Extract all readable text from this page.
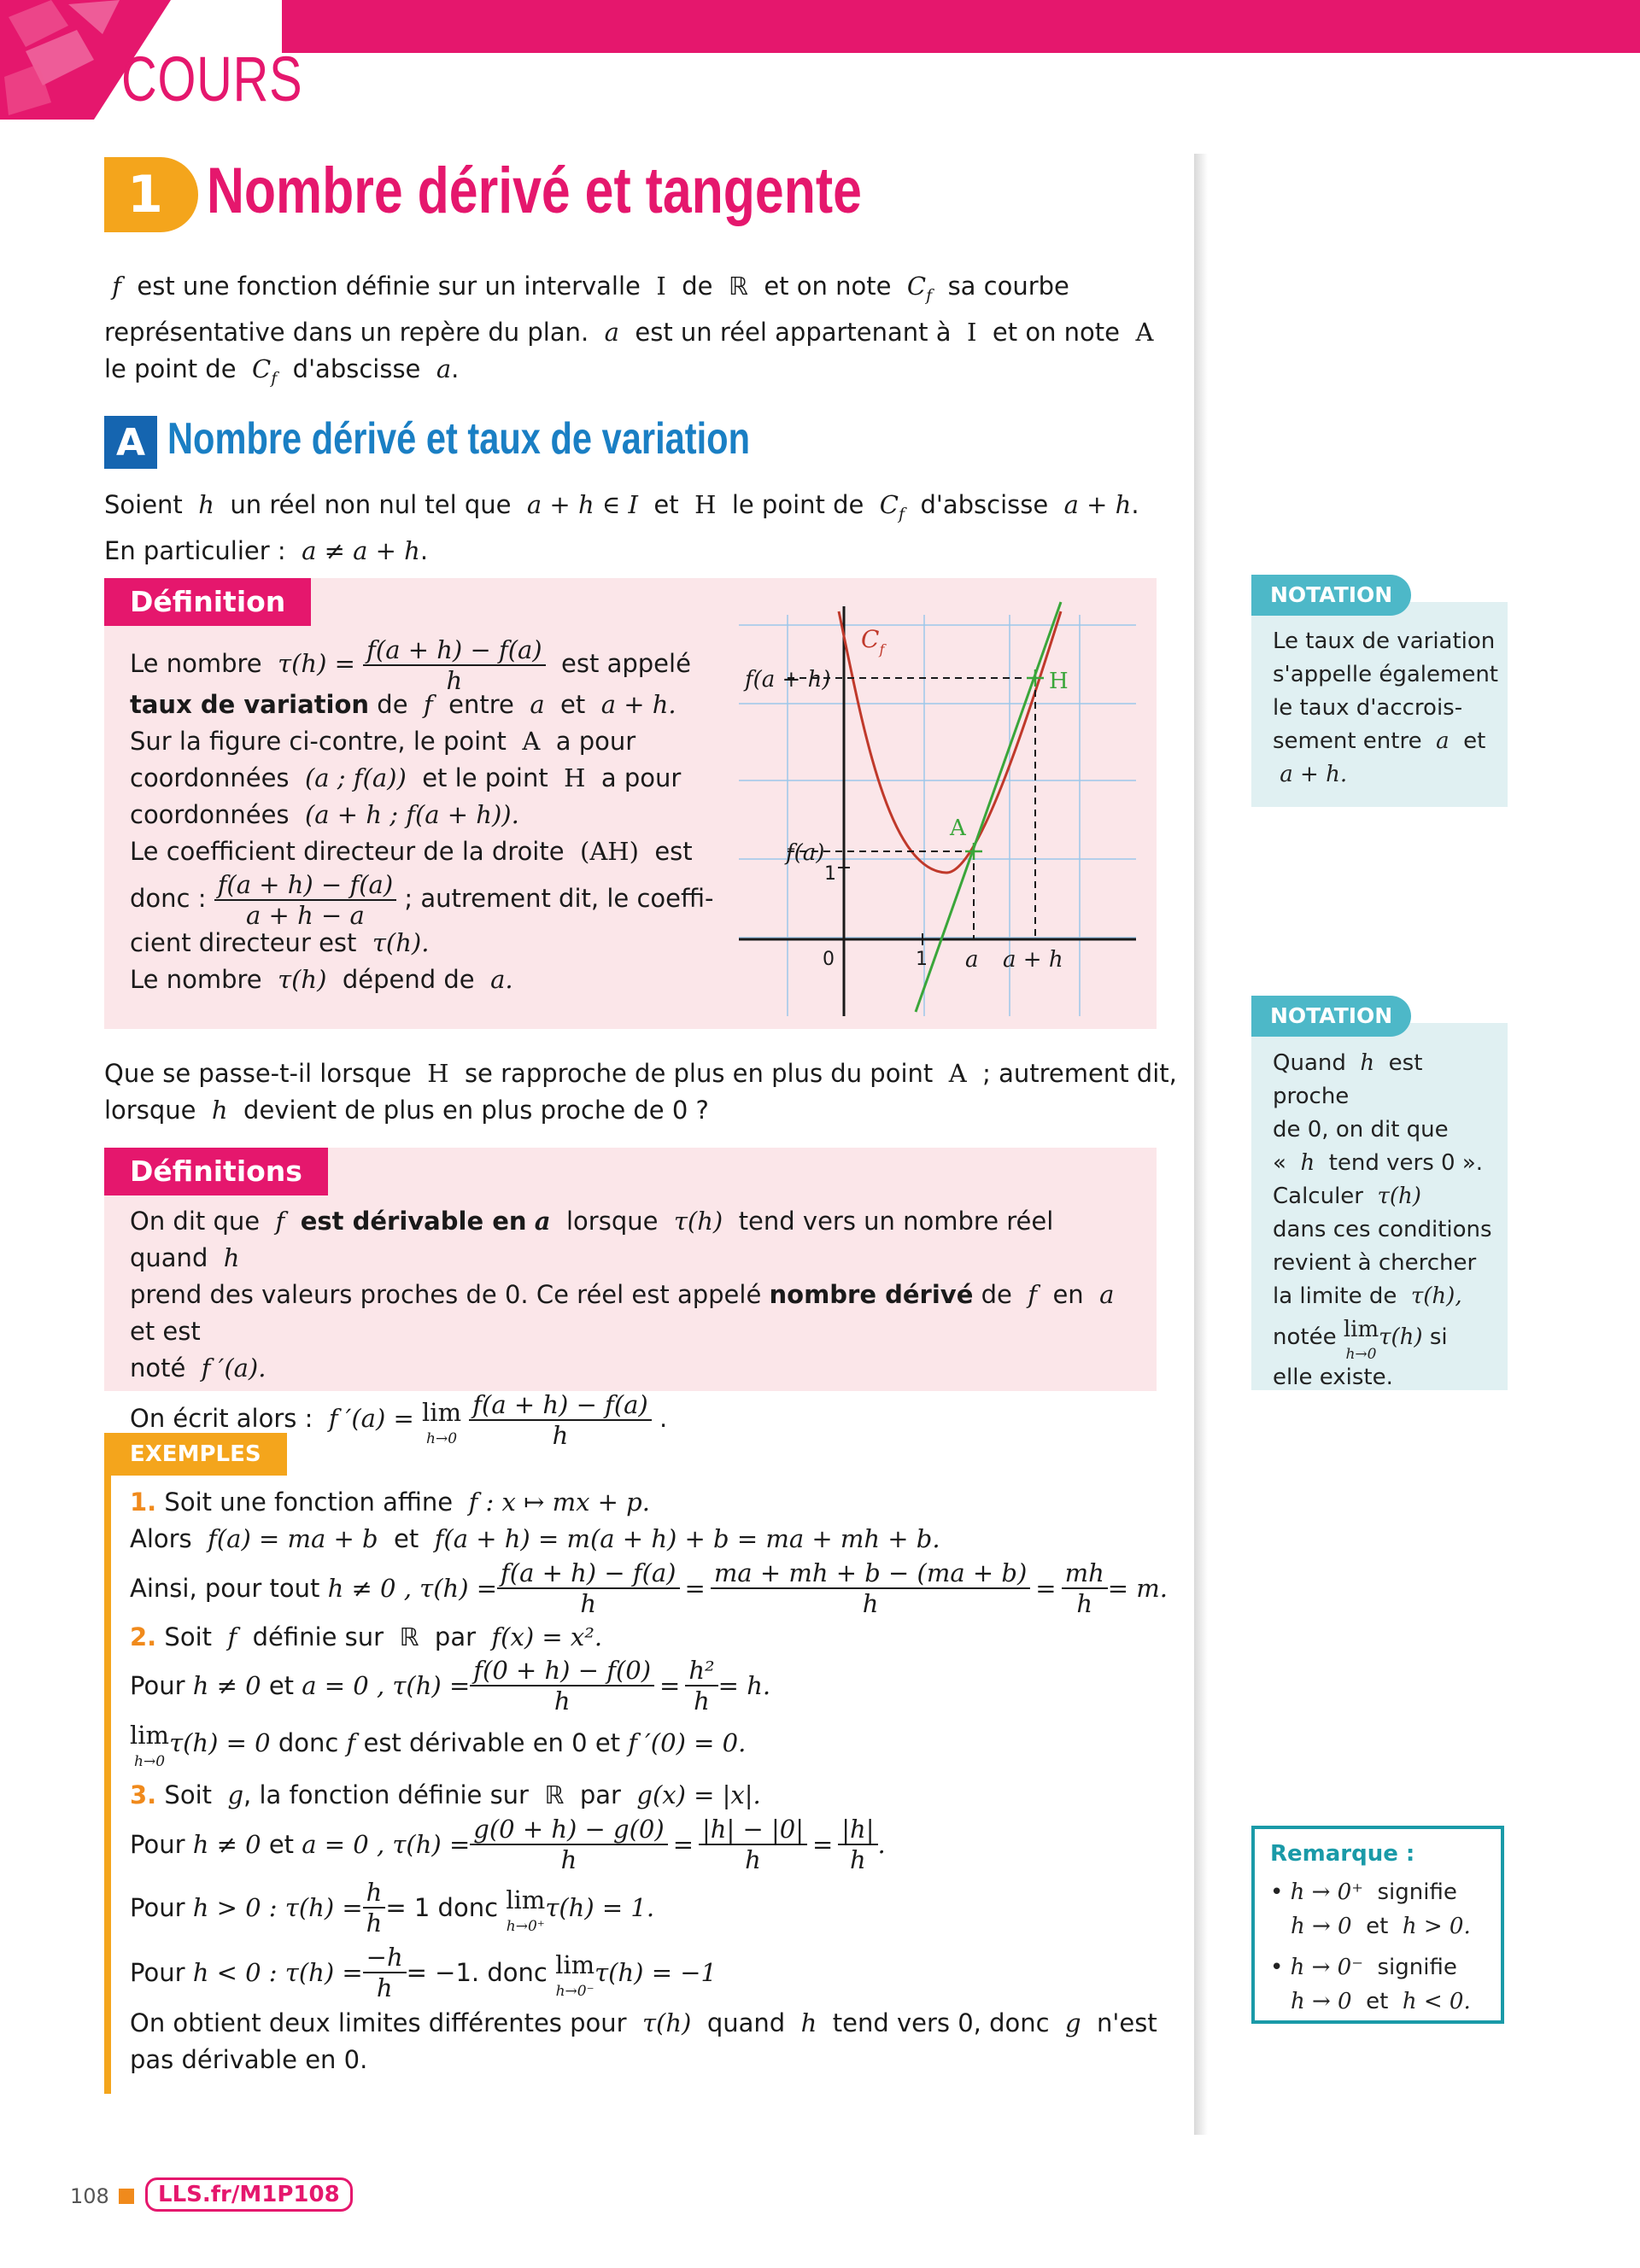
COURS
1 Nombre dérivé et tangente
f est une fonction définie sur un intervalle I de ℝ et on note $C_f$ sa courbe
représentative dans un repère du plan. a est un réel appartenant à I et on note A
le point de $C_f$ d'abscisse a.
A Nombre dérivé et taux de variation
Soient h un réel non nul tel que a + h ∈ I et H le point de $C_f$ d'abscisse a + h.
En particulier : a ≠ a + h.
Définition
Le nombre $\tau(h) = \frac{f(a + h) - f(a)}{h}$ est appelé
taux de variation de f entre a et a + h.
Sur la figure ci-contre, le point A a pour
coordonnées (a ; f(a)) et le point H a pour
coordonnées (a + h ; f(a + h)).
Le coefficient directeur de la droite (AH) est
donc : $\frac{f(a + h) - f(a)}{a + h - a}$ ; autrement dit, le coeffi-
cient directeur est τ(h).
Le nombre τ(h) dépend de a.
$C_f$
f(a + h)
f(a)
1
0	1 a a + h
A
H
Que se passe-t-il lorsque H se rapproche de plus en plus du point A ; autrement dit,
lorsque h devient de plus en plus proche de 0 ?
Définitions
On dit que f est dérivable en a lorsque τ(h) tend vers un nombre réel quand h
prend des valeurs proches de 0. Ce réel est appelé nombre dérivé de f en a  et est
noté f ′(a).
On écrit alors : f ′(a) = lim
h→0
$\frac{f(a + h) - f(a)}{h}$ .
EXEMPLES
1. Soit une fonction affine f : x ↦ mx + p.
Alors f(a) = ma + b et f(a + h) = m(a + h) + b = ma + mh + b.
Ainsi, pour tout
h ≠ 0 ,
$\tau(h) = \frac{f(a + h) - f(a)}{h} = \frac{ma + mh + b - (ma + b)}{h} = \frac{mh}{h} = m$.
2. Soit f définie sur ℝ par f(x) = x².
Pour
h ≠ 0
et
a = 0 ,
$\tau(h) = \frac{f(0 + h) - f(0)}{h} = \frac{\text{h²}}{h} = h$.
lim
h→0
τ(h) = 0
donc
f
est dérivable en 0 et
f ′(0) = 0.
3. Soit g, la fonction définie sur ℝ par g(x) = |x|.
Pour
h ≠ 0
et
a = 0 ,
$\tau(h) = \frac{g(0 + h) - g(0)}{h} = \frac{|h| - |0|}{h} = \frac{|h|}{h}$ .
Pour
h > 0 :
$\tau(h) = \frac{h}{h} = 1$ donc
lim
h→0⁺
τ(h) = 1.
Pour
h < 0 :
$\tau(h) = \frac{-h}{h} = -1$. donc
lim
h→0⁻
τ(h) = −1
On obtient deux limites différentes pour τ(h) quand h tend vers 0, donc g n'est
pas dérivable en 0.
NOTATION
Le taux de variation
s'appelle également
le taux d'accrois-
sement entre a et
a + h.
NOTATION
Quand h est proche
de 0, on dit que
« h tend vers 0 ».
Calculer τ(h)
dans ces conditions
revient à chercher
la limite de τ(h),
notée
lim
h→0
τ(h)
si
elle existe.
Remarque :
• h → 0⁺ signifie
h → 0 et h > 0.
• h → 0⁻ signifie
h → 0 et h < 0.
108	LLS.fr/M1P108
